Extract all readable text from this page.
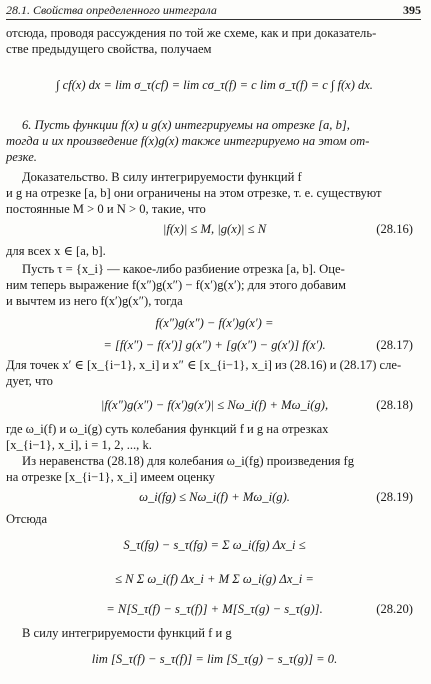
28.1. Свойства определенного интеграла	395
отсюда, проводя рассуждения по той же схеме, как и при доказатель-
стве предыдущего свойства, получаем
∫ cf(x) dx = lim σ_τ(cf) = lim cσ_τ(f) = c lim σ_τ(f) = c ∫ f(x) dx.
6. Пусть функции f(x) и g(x) интегрируемы на отрезке [a, b],
тогда и их произведение f(x)g(x) также интегрируемо на этом от-
резке.
Доказательство. В силу интегрируемости функций f
и g на отрезке [a, b] они ограничены на этом отрезке, т. е. существуют
постоянные M > 0 и N > 0, такие, что
|f(x)| ≤ M, |g(x)| ≤ N	(28.16)
для всех x ∈ [a, b].
Пусть τ = {x_i} — какое-либо разбиение отрезка [a, b]. Оце-
ним теперь выражение f(x″)g(x″) − f(x′)g(x′); для этого добавим
и вычтем из него f(x′)g(x″), тогда
f(x″)g(x″) − f(x′)g(x′) =
= [f(x″) − f(x′)] g(x″) + [g(x″) − g(x′)] f(x′).	(28.17)
Для точек x′ ∈ [x_{i−1}, x_i] и x″ ∈ [x_{i−1}, x_i] из (28.16) и (28.17) сле-
дует, что
|f(x″)g(x″) − f(x′)g(x′)| ≤ Nω_i(f) + Mω_i(g),	(28.18)
где ω_i(f) и ω_i(g) суть колебания функций f и g на отрезках
[x_{i−1}, x_i], i = 1, 2, ..., k.
Из неравенства (28.18) для колебания ω_i(fg) произведения fg
на отрезке [x_{i−1}, x_i] имеем оценку
ω_i(fg) ≤ Nω_i(f) + Mω_i(g).	(28.19)
Отсюда
S_τ(fg) − s_τ(fg) = Σ ω_i(fg) Δx_i ≤
≤ N Σ ω_i(f) Δx_i + M Σ ω_i(g) Δx_i =
= N[S_τ(f) − s_τ(f)] + M[S_τ(g) − s_τ(g)].	(28.20)
В силу интегрируемости функций f и g
lim [S_τ(f) − s_τ(f)] = lim [S_τ(g) − s_τ(g)] = 0.
